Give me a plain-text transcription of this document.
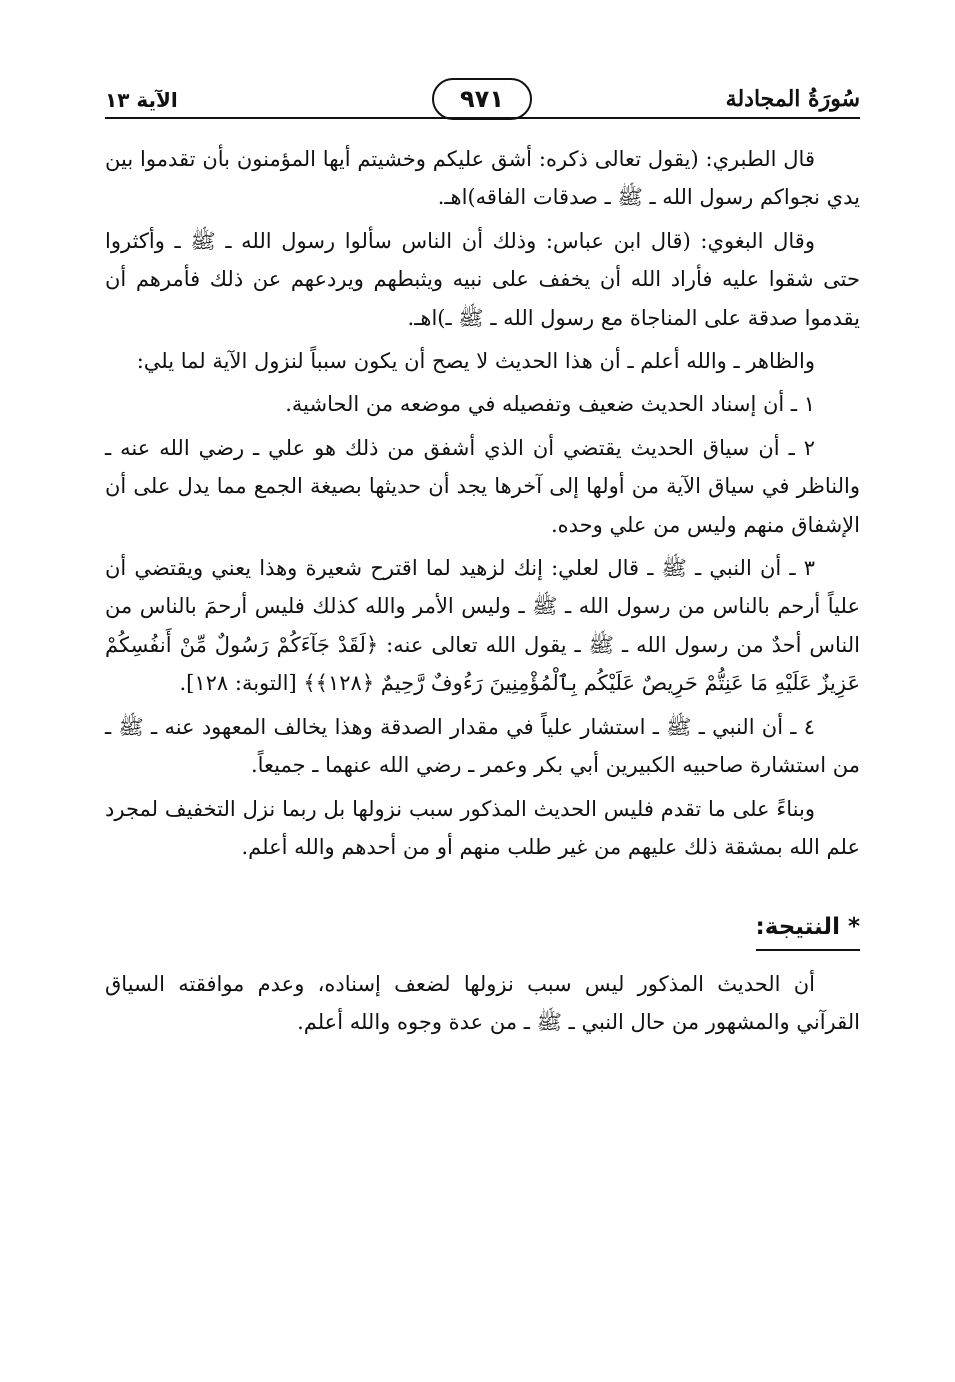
سُورَةُ المجادلة
٩٧١
الآية ١٣

قال الطبري: (يقول تعالى ذكره: أشق عليكم وخشيتم أيها المؤمنون بأن تقدموا بين يدي نجواكم رسول الله ـ ﷺ ـ صدقات الفاقه)اهـ.

وقال البغوي: (قال ابن عباس: وذلك أن الناس سألوا رسول الله ـ ﷺ ـ وأكثروا حتى شقوا عليه فأراد الله أن يخفف على نبيه ويثبطهم ويردعهم عن ذلك فأمرهم أن يقدموا صدقة على المناجاة مع رسول الله ـ ﷺ ـ)اهـ.

والظاهر ـ والله أعلم ـ أن هذا الحديث لا يصح أن يكون سبباً لنزول الآية لما يلي:

١ ـ أن إسناد الحديث ضعيف وتفصيله في موضعه من الحاشية.

٢ ـ أن سياق الحديث يقتضي أن الذي أشفق من ذلك هو علي ـ رضي الله عنه ـ والناظر في سياق الآية من أولها إلى آخرها يجد أن حديثها بصيغة الجمع مما يدل على أن الإشفاق منهم وليس من علي وحده.

٣ ـ أن النبي ـ ﷺ ـ قال لعلي: إنك لزهيد لما اقترح شعيرة وهذا يعني ويقتضي أن علياً أرحم بالناس من رسول الله ـ ﷺ ـ وليس الأمر والله كذلك فليس أرحمَ بالناس من الناس أحدٌ من رسول الله ـ ﷺ ـ يقول الله تعالى عنه: ﴿لَقَدْ جَآءَكُمْ رَسُولٌ مِّنْ أَنفُسِكُمْ عَزِيزٌ عَلَيْهِ مَا عَنِتُّمْ حَرِيصٌ عَلَيْكُم بِٱلْمُؤْمِنِينَ رَءُوفٌ رَّحِيمٌ ﴿١٢٨﴾﴾ [التوبة: ١٢٨].

٤ ـ أن النبي ـ ﷺ ـ استشار علياً في مقدار الصدقة وهذا يخالف المعهود عنه ـ ﷺ ـ من استشارة صاحبيه الكبيرين أبي بكر وعمر ـ رضي الله عنهما ـ جميعاً.

وبناءً على ما تقدم فليس الحديث المذكور سبب نزولها بل ربما نزل التخفيف لمجرد علم الله بمشقة ذلك عليهم من غير طلب منهم أو من أحدهم والله أعلم.

* النتيجة:

أن الحديث المذكور ليس سبب نزولها لضعف إسناده، وعدم موافقته السياق القرآني والمشهور من حال النبي ـ ﷺ ـ من عدة وجوه والله أعلم.
